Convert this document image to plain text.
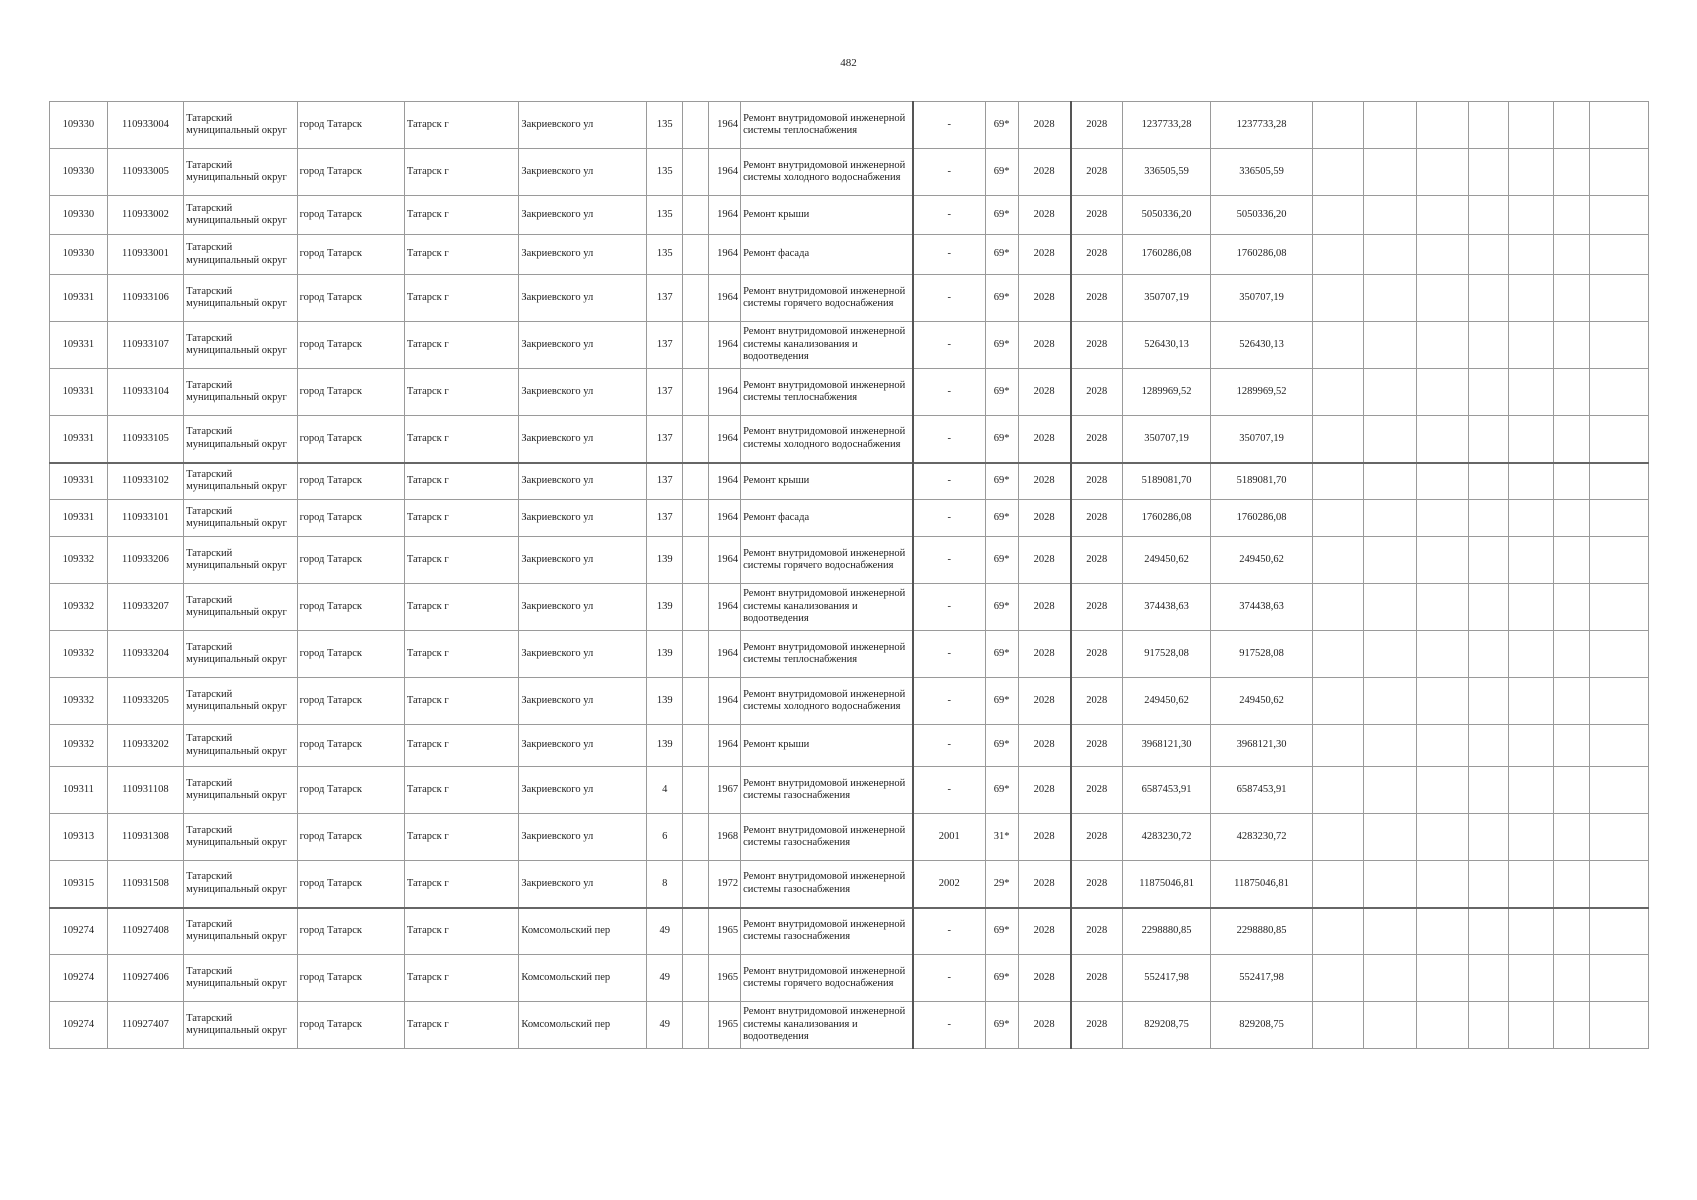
482
109330	110933004	Татарский муниципальный округ	город Татарск	Татарск г	Закриевского ул	135		1964	Ремонт внутридомовой инженерной системы теплоснабжения	-	69*	2028	2028	1237733,28	1237733,28							
109330	110933005	Татарский муниципальный округ	город Татарск	Татарск г	Закриевского ул	135		1964	Ремонт внутридомовой инженерной системы холодного водоснабжения	-	69*	2028	2028	336505,59	336505,59							
109330	110933002	Татарский муниципальный округ	город Татарск	Татарск г	Закриевского ул	135		1964	Ремонт крыши	-	69*	2028	2028	5050336,20	5050336,20							
109330	110933001	Татарский муниципальный округ	город Татарск	Татарск г	Закриевского ул	135		1964	Ремонт фасада	-	69*	2028	2028	1760286,08	1760286,08							
109331	110933106	Татарский муниципальный округ	город Татарск	Татарск г	Закриевского ул	137		1964	Ремонт внутридомовой инженерной системы горячего водоснабжения	-	69*	2028	2028	350707,19	350707,19							
109331	110933107	Татарский муниципальный округ	город Татарск	Татарск г	Закриевского ул	137		1964	Ремонт внутридомовой инженерной системы канализования и водоотведения	-	69*	2028	2028	526430,13	526430,13							
109331	110933104	Татарский муниципальный округ	город Татарск	Татарск г	Закриевского ул	137		1964	Ремонт внутридомовой инженерной системы теплоснабжения	-	69*	2028	2028	1289969,52	1289969,52							
109331	110933105	Татарский муниципальный округ	город Татарск	Татарск г	Закриевского ул	137		1964	Ремонт внутридомовой инженерной системы холодного водоснабжения	-	69*	2028	2028	350707,19	350707,19							
109331	110933102	Татарский муниципальный округ	город Татарск	Татарск г	Закриевского ул	137		1964	Ремонт крыши	-	69*	2028	2028	5189081,70	5189081,70							
109331	110933101	Татарский муниципальный округ	город Татарск	Татарск г	Закриевского ул	137		1964	Ремонт фасада	-	69*	2028	2028	1760286,08	1760286,08							
109332	110933206	Татарский муниципальный округ	город Татарск	Татарск г	Закриевского ул	139		1964	Ремонт внутридомовой инженерной системы горячего водоснабжения	-	69*	2028	2028	249450,62	249450,62							
109332	110933207	Татарский муниципальный округ	город Татарск	Татарск г	Закриевского ул	139		1964	Ремонт внутридомовой инженерной системы канализования и водоотведения	-	69*	2028	2028	374438,63	374438,63							
109332	110933204	Татарский муниципальный округ	город Татарск	Татарск г	Закриевского ул	139		1964	Ремонт внутридомовой инженерной системы теплоснабжения	-	69*	2028	2028	917528,08	917528,08							
109332	110933205	Татарский муниципальный округ	город Татарск	Татарск г	Закриевского ул	139		1964	Ремонт внутридомовой инженерной системы холодного водоснабжения	-	69*	2028	2028	249450,62	249450,62							
109332	110933202	Татарский муниципальный округ	город Татарск	Татарск г	Закриевского ул	139		1964	Ремонт крыши	-	69*	2028	2028	3968121,30	3968121,30							
109311	110931108	Татарский муниципальный округ	город Татарск	Татарск г	Закриевского ул	4		1967	Ремонт внутридомовой инженерной системы газоснабжения	-	69*	2028	2028	6587453,91	6587453,91							
109313	110931308	Татарский муниципальный округ	город Татарск	Татарск г	Закриевского ул	6		1968	Ремонт внутридомовой инженерной системы газоснабжения	2001	31*	2028	2028	4283230,72	4283230,72							
109315	110931508	Татарский муниципальный округ	город Татарск	Татарск г	Закриевского ул	8		1972	Ремонт внутридомовой инженерной системы газоснабжения	2002	29*	2028	2028	11875046,81	11875046,81							
109274	110927408	Татарский муниципальный округ	город Татарск	Татарск г	Комсомольский пер	49		1965	Ремонт внутридомовой инженерной системы газоснабжения	-	69*	2028	2028	2298880,85	2298880,85							
109274	110927406	Татарский муниципальный округ	город Татарск	Татарск г	Комсомольский пер	49		1965	Ремонт внутридомовой инженерной системы горячего водоснабжения	-	69*	2028	2028	552417,98	552417,98							
109274	110927407	Татарский муниципальный округ	город Татарск	Татарск г	Комсомольский пер	49		1965	Ремонт внутридомовой инженерной системы канализования и водоотведения	-	69*	2028	2028	829208,75	829208,75							
